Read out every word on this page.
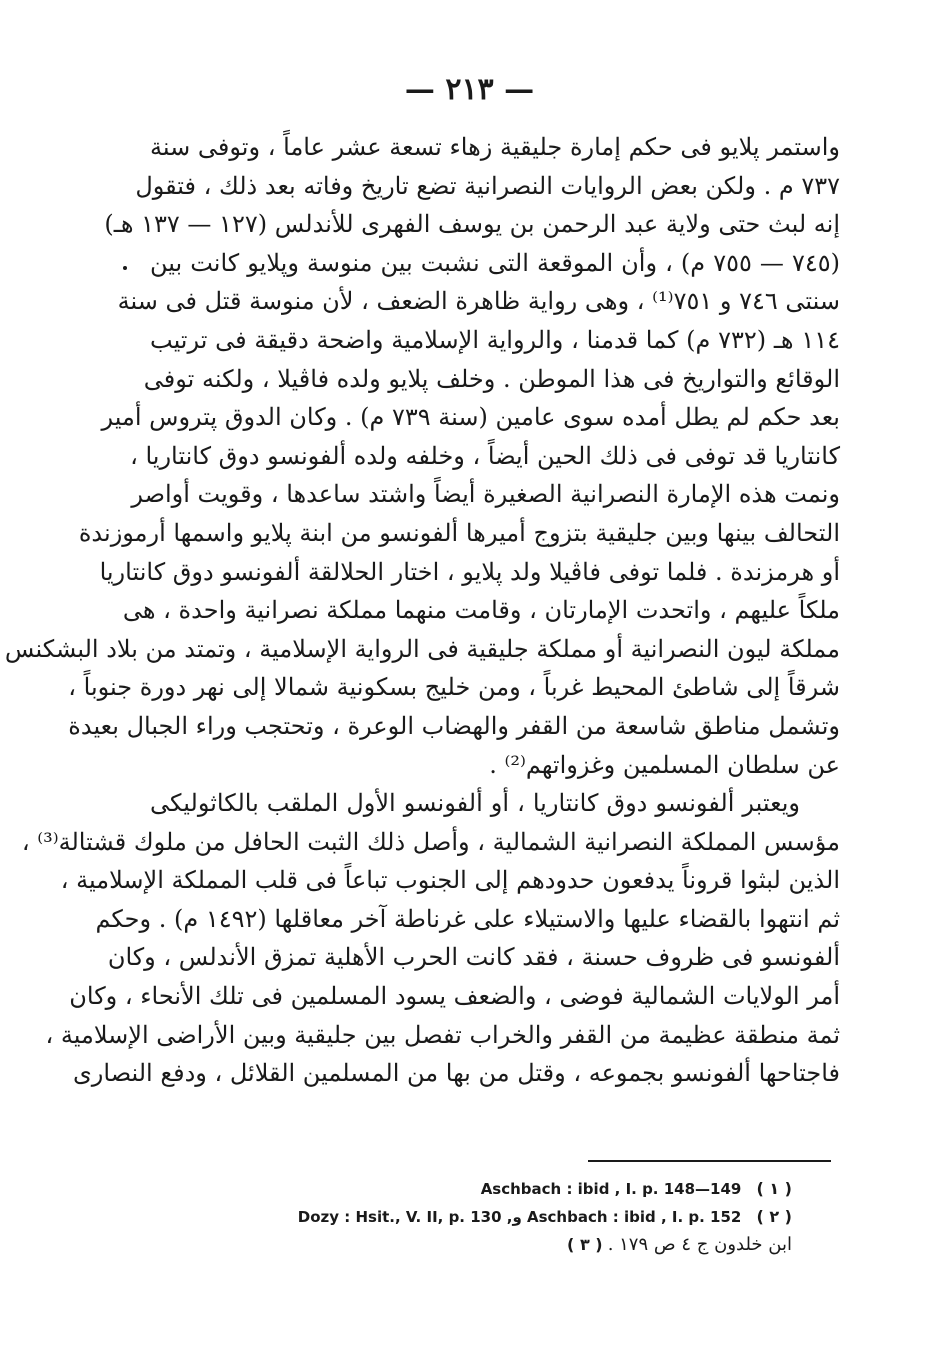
— ٢١٣ —

واستمر پلايو فى حكم إمارة جليقية زهاء تسعة عشر عاماً ، وتوفى سنة
٧٣٧ م . ولكن بعض الروايات النصرانية تضع تاريخ وفاته بعد ذلك ، فتقول
إنه لبث حتى ولاية عبد الرحمن بن يوسف الفهرى للأندلس (١٢٧ — ١٣٧ هـ)
(٧٤٥ — ٧٥٥ م) ، وأن الموقعة التى نشبت بين منوسة وپلايو كانت بين
سنتى ٧٤٦ و ٧٥١⁽¹⁾ ، وهى رواية ظاهرة الضعف ، لأن منوسة قتل فى سنة
١١٤ هـ (٧٣٢ م) كما قدمنا ، والرواية الإسلامية واضحة دقيقة فى ترتيب
الوقائع والتواريخ فى هذا الموطن . وخلف پلايو ولده فاڤيلا ، ولكنه توفى
بعد حكم لم يطل أمده سوى عامين (سنة ٧٣٩ م) . وكان الدوق پتروس أمير
كانتاريا قد توفى فى ذلك الحين أيضاً ، وخلفه ولده ألفونسو دوق كانتاريا ،
ونمت هذه الإمارة النصرانية الصغيرة أيضاً واشتد ساعدها ، وقويت أواصر
التحالف بينها وبين جليقية بتزوج أميرها ألفونسو من ابنة پلايو واسمها أرموزندة
أو هرمزندة . فلما توفى فاڤيلا ولد پلايو ، اختار الحلالقة ألفونسو دوق كانتاريا
ملكاً عليهم ، واتحدت الإمارتان ، وقامت منهما مملكة نصرانية واحدة ، هى
مملكة ليون النصرانية أو مملكة جليقية فى الرواية الإسلامية ، وتمتد من بلاد البشكنس
شرقاً إلى شاطئ المحيط غرباً ، ومن خليج بسكونية شمالا إلى نهر دورة جنوباً ،
وتشمل مناطق شاسعة من القفر والهضاب الوعرة ، وتحتجب وراء الجبال بعيدة
عن سلطان المسلمين وغزواتهم⁽²⁾ .

ويعتبر ألفونسو دوق كانتاريا ، أو ألفونسو الأول الملقب بالكاثوليكى
مؤسس المملكة النصرانية الشمالية ، وأصل ذلك الثبت الحافل من ملوك قشتالة⁽³⁾ ،
الذين لبثوا قروناً يدفعون حدودهم إلى الجنوب تباعاً فى قلب المملكة الإسلامية ،
ثم انتهوا بالقضاء عليها والاستيلاء على غرناطة آخر معاقلها (١٤٩٢ م) . وحكم
ألفونسو فى ظروف حسنة ، فقد كانت الحرب الأهلية تمزق الأندلس ، وكان
أمر الولايات الشمالية فوضى ، والضعف يسود المسلمين فى تلك الأنحاء ، وكان
ثمة منطقة عظيمة من القفر والخراب تفصل بين جليقية وبين الأراضى الإسلامية ،
فاجتاحها ألفونسو بجموعه ، وقتل من بها من المسلمين القلائل ، ودفع النصارى

Aschbach : ibid , I. p. 148—149 ( ١ )
Dozy : Hsit., V. II, p. 130 ,و Aschbach : ibid , I. p. 152 ( ٢ )
ابن خلدون ج ٤ ص ١٧٩ . ( ٣ )
